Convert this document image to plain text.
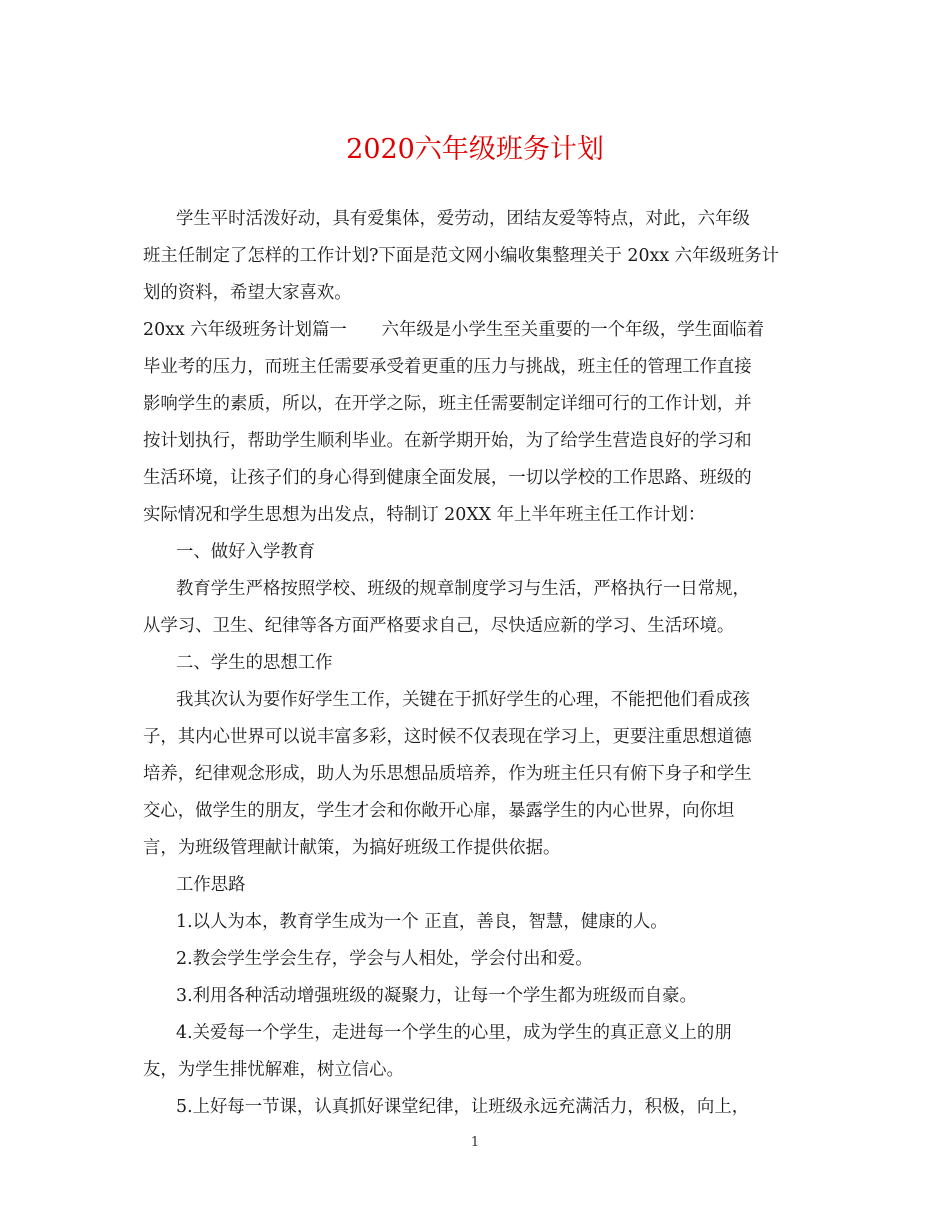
2020六年级班务计划
学生平时活泼好动，具有爱集体，爱劳动，团结友爱等特点，对此，六年级
班主任制定了怎样的工作计划?下面是范文网小编收集整理关于 20xx 六年级班务计
划的资料，希望大家喜欢。
20xx 六年级班务计划篇一　　六年级是小学生至关重要的一个年级，学生面临着
毕业考的压力，而班主任需要承受着更重的压力与挑战，班主任的管理工作直接
影响学生的素质，所以，在开学之际，班主任需要制定详细可行的工作计划，并
按计划执行，帮助学生顺利毕业。在新学期开始，为了给学生营造良好的学习和
生活环境，让孩子们的身心得到健康全面发展，一切以学校的工作思路、班级的
实际情况和学生思想为出发点，特制订 20XX 年上半年班主任工作计划：
一、做好入学教育
教育学生严格按照学校、班级的规章制度学习与生活，严格执行一日常规，
从学习、卫生、纪律等各方面严格要求自己，尽快适应新的学习、生活环境。
二、学生的思想工作
我其次认为要作好学生工作，关键在于抓好学生的心理，不能把他们看成孩
子，其内心世界可以说丰富多彩，这时候不仅表现在学习上，更要注重思想道德
培养，纪律观念形成，助人为乐思想品质培养，作为班主任只有俯下身子和学生
交心，做学生的朋友，学生才会和你敞开心扉，暴露学生的内心世界，向你坦
言，为班级管理献计献策，为搞好班级工作提供依据。
工作思路
1.以人为本，教育学生成为一个 正直，善良，智慧，健康的人。
2.教会学生学会生存，学会与人相处，学会付出和爱。
3.利用各种活动增强班级的凝聚力，让每一个学生都为班级而自豪。
4.关爱每一个学生，走进每一个学生的心里，成为学生的真正意义上的朋
友，为学生排忧解难，树立信心。
5.上好每一节课，认真抓好课堂纪律，让班级永远充满活力，积极，向上，
1
